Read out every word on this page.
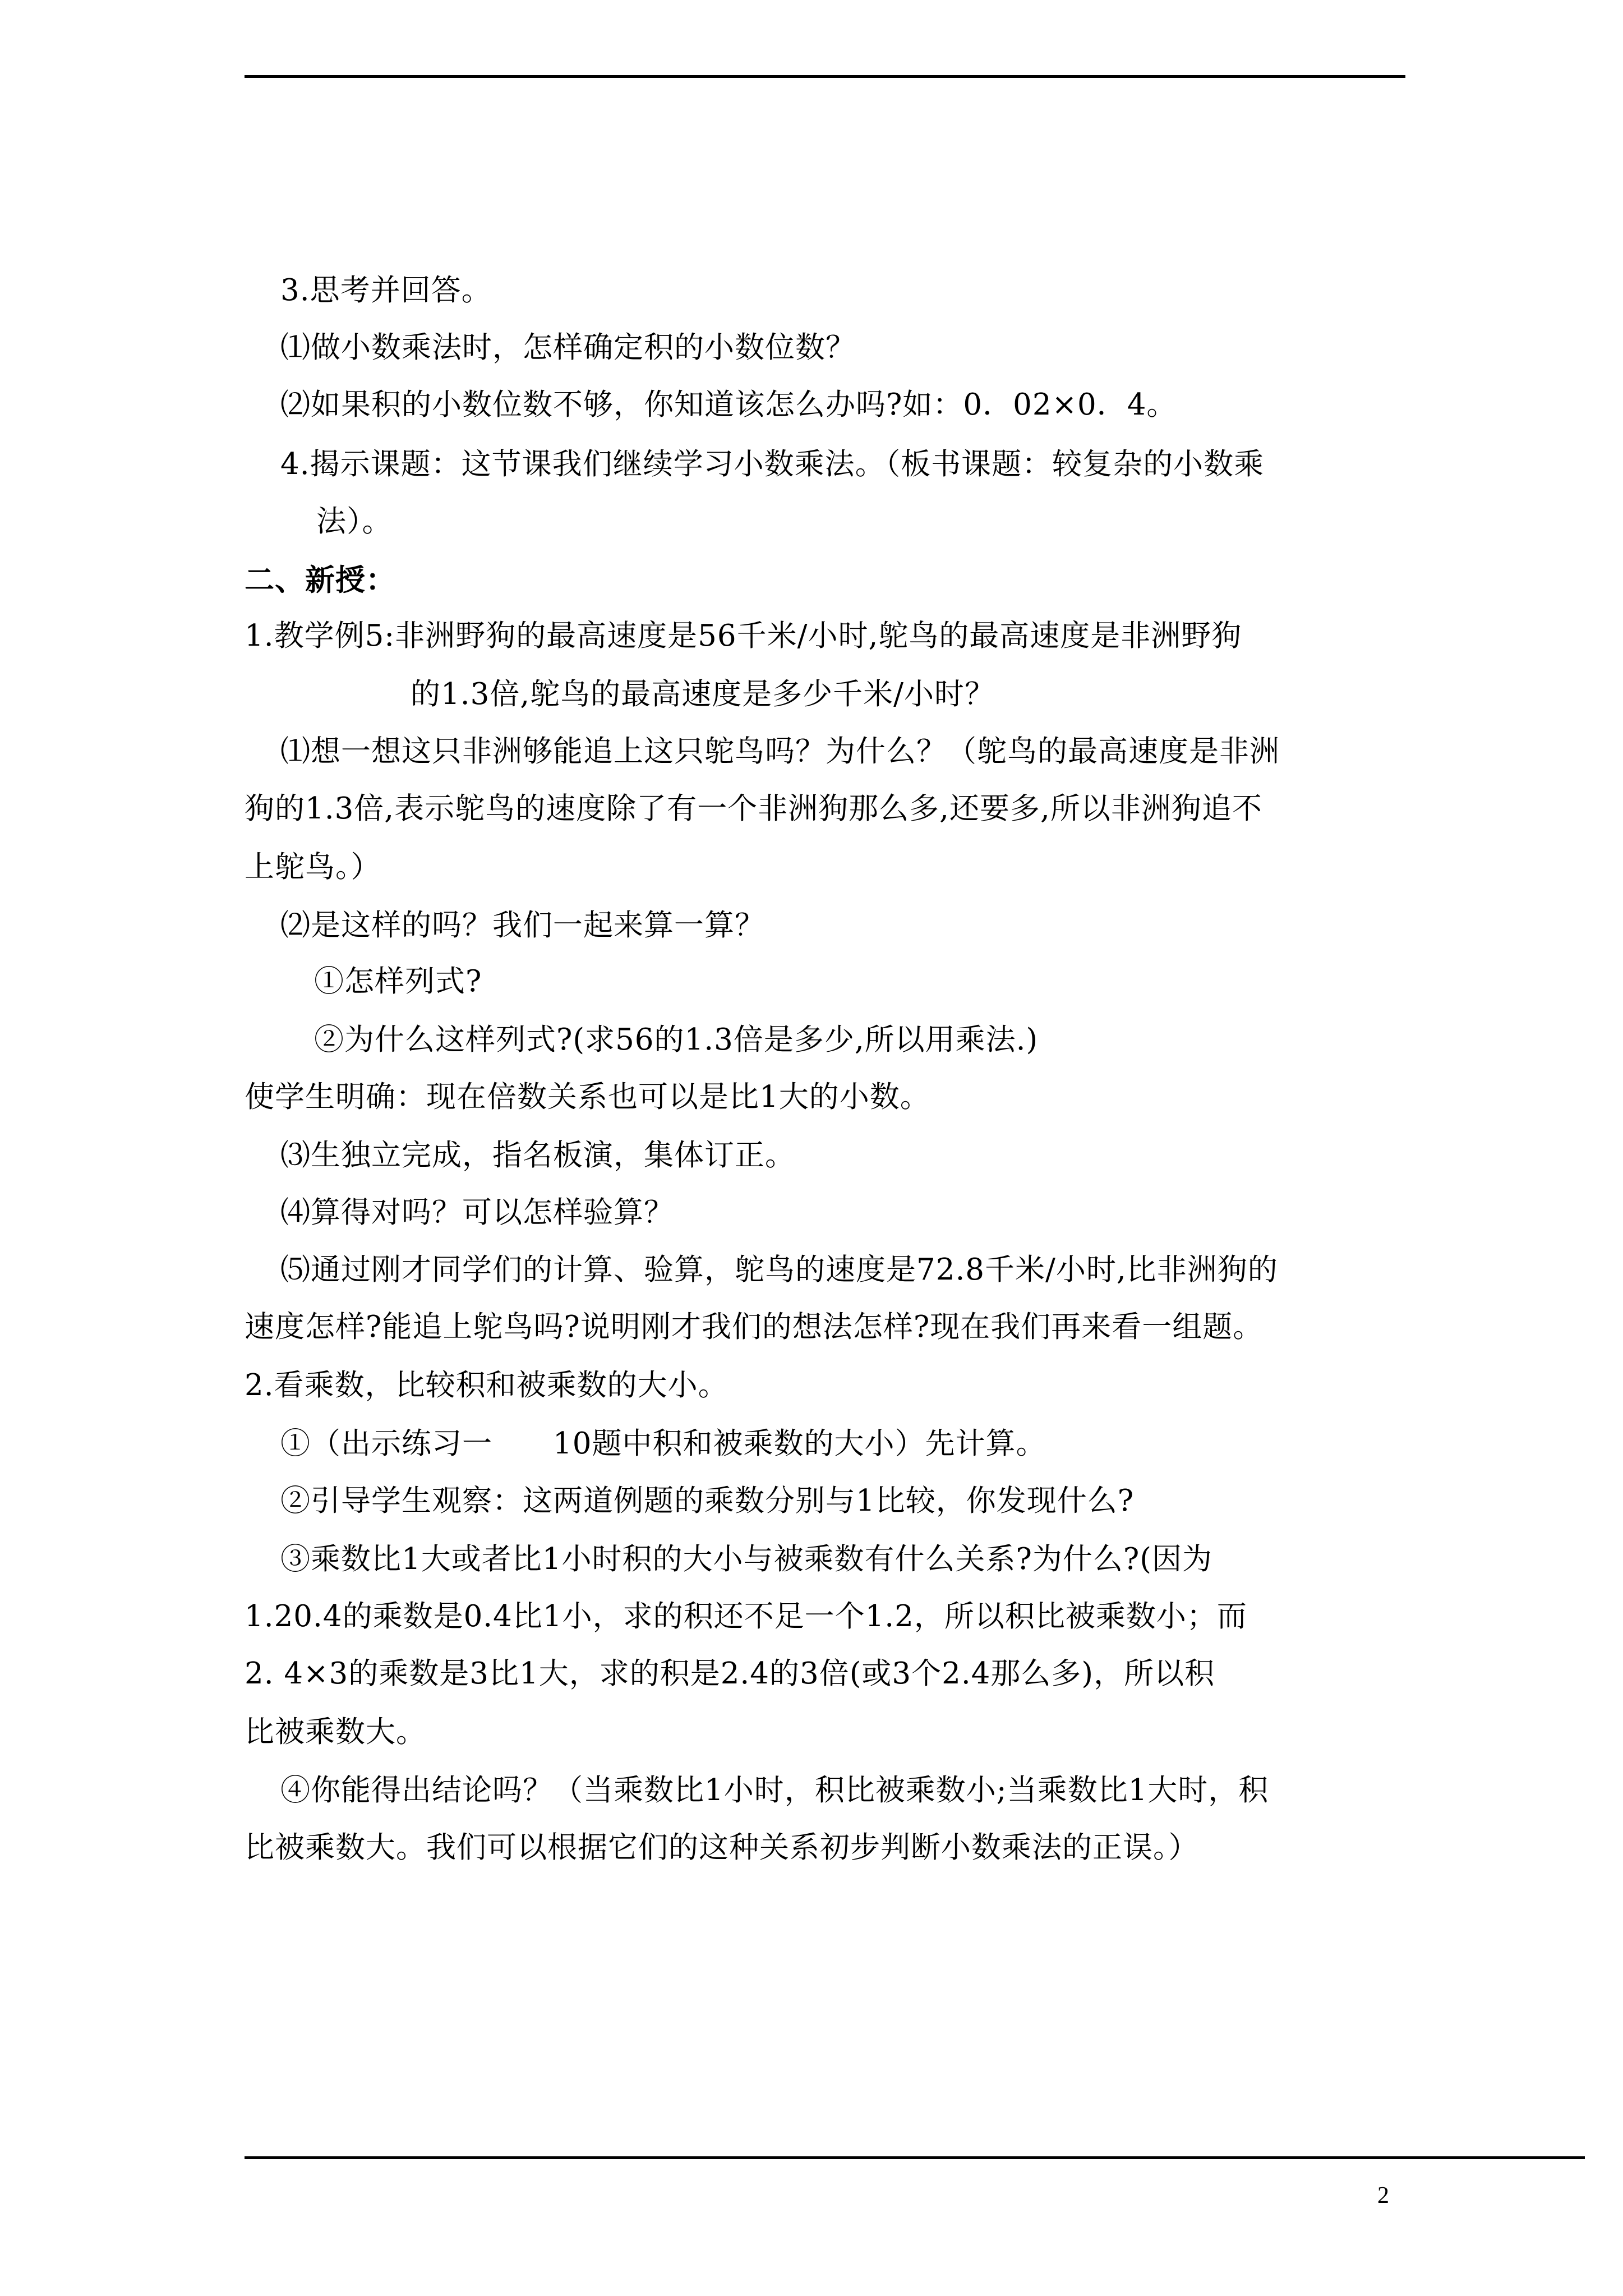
3.思考并回答。
⑴做小数乘法时，怎样确定积的小数位数？
⑵如果积的小数位数不够，你知道该怎么办吗?如：0．02×0．4。
4.揭示课题：这节课我们继续学习小数乘法。（板书课题：较复杂的小数乘
法）。
二、新授：
1.教学例5:非洲野狗的最高速度是56千米/小时,鸵鸟的最高速度是非洲野狗
的1.3倍,鸵鸟的最高速度是多少千米/小时？
⑴想一想这只非洲够能追上这只鸵鸟吗？为什么？（鸵鸟的最高速度是非洲
狗的1.3倍,表示鸵鸟的速度除了有一个非洲狗那么多,还要多,所以非洲狗追不
上鸵鸟。）
⑵是这样的吗？我们一起来算一算？
①怎样列式?
②为什么这样列式?(求56的1.3倍是多少,所以用乘法.)
使学生明确：现在倍数关系也可以是比1大的小数。
⑶生独立完成，指名板演，集体订正。
⑷算得对吗？可以怎样验算？
⑸通过刚才同学们的计算、验算，鸵鸟的速度是72.8千米/小时,比非洲狗的
速度怎样?能追上鸵鸟吗?说明刚才我们的想法怎样?现在我们再来看一组题。
2.看乘数，比较积和被乘数的大小。
①（出示练习一　　10题中积和被乘数的大小）先计算。
②引导学生观察：这两道例题的乘数分别与1比较，你发现什么?
③乘数比1大或者比1小时积的大小与被乘数有什么关系?为什么?(因为
1.20.4的乘数是0.4比1小，求的积还不足一个1.2，所以积比被乘数小；而
2. 4×3的乘数是3比1大，求的积是2.4的3倍(或3个2.4那么多)，所以积
比被乘数大。
④你能得出结论吗？（当乘数比1小时，积比被乘数小;当乘数比1大时，积
比被乘数大。我们可以根据它们的这种关系初步判断小数乘法的正误。）
2
